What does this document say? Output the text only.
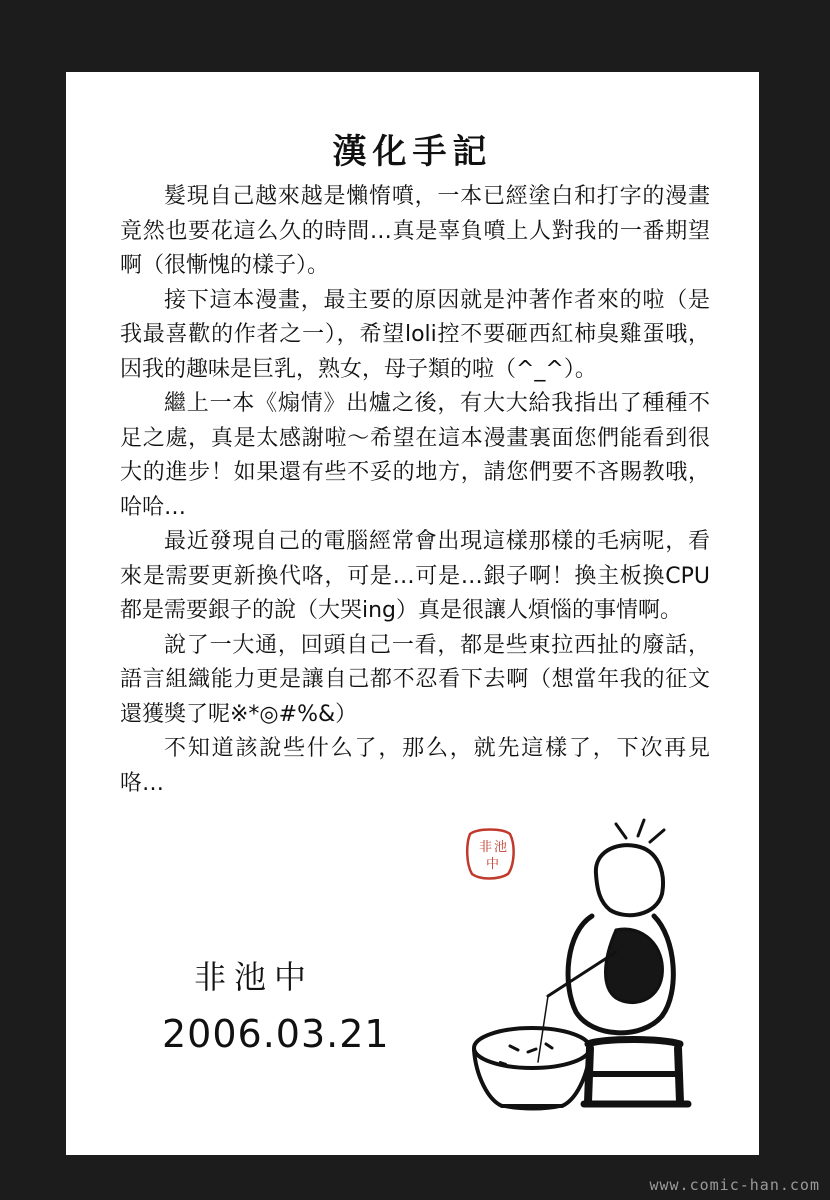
漢化手記

髮現自己越來越是懶惰噴，一本已經塗白和打字的漫畫竟然也要花這么久的時間…真是辜負噴上人對我的一番期望啊（很慚愧的樣子）。

接下這本漫畫，最主要的原因就是沖著作者來的啦（是我最喜歡的作者之一），希望loli控不要砸西紅柿臭雞蛋哦，因我的趣味是巨乳，熟女，母子類的啦（^_^）。

繼上一本《煽情》出爐之後，有大大給我指出了種種不足之處，真是太感謝啦～希望在這本漫畫裏面您們能看到很大的進步！如果還有些不妥的地方，請您們要不吝賜教哦，哈哈…

最近發現自己的電腦經常會出現這樣那樣的毛病呢，看來是需要更新換代咯，可是…可是…銀子啊！換主板換CPU都是需要銀子的說（大哭ing）真是很讓人煩惱的事情啊。

說了一大通，回頭自己一看，都是些東拉西扯的廢話，語言組織能力更是讓自己都不忍看下去啊（想當年我的征文還獲獎了呢※*◎#%&）

不知道該說些什么了，那么，就先這樣了，下次再見咯…

非 池
中
非池中
2006.03.21
www.comic-han.com
